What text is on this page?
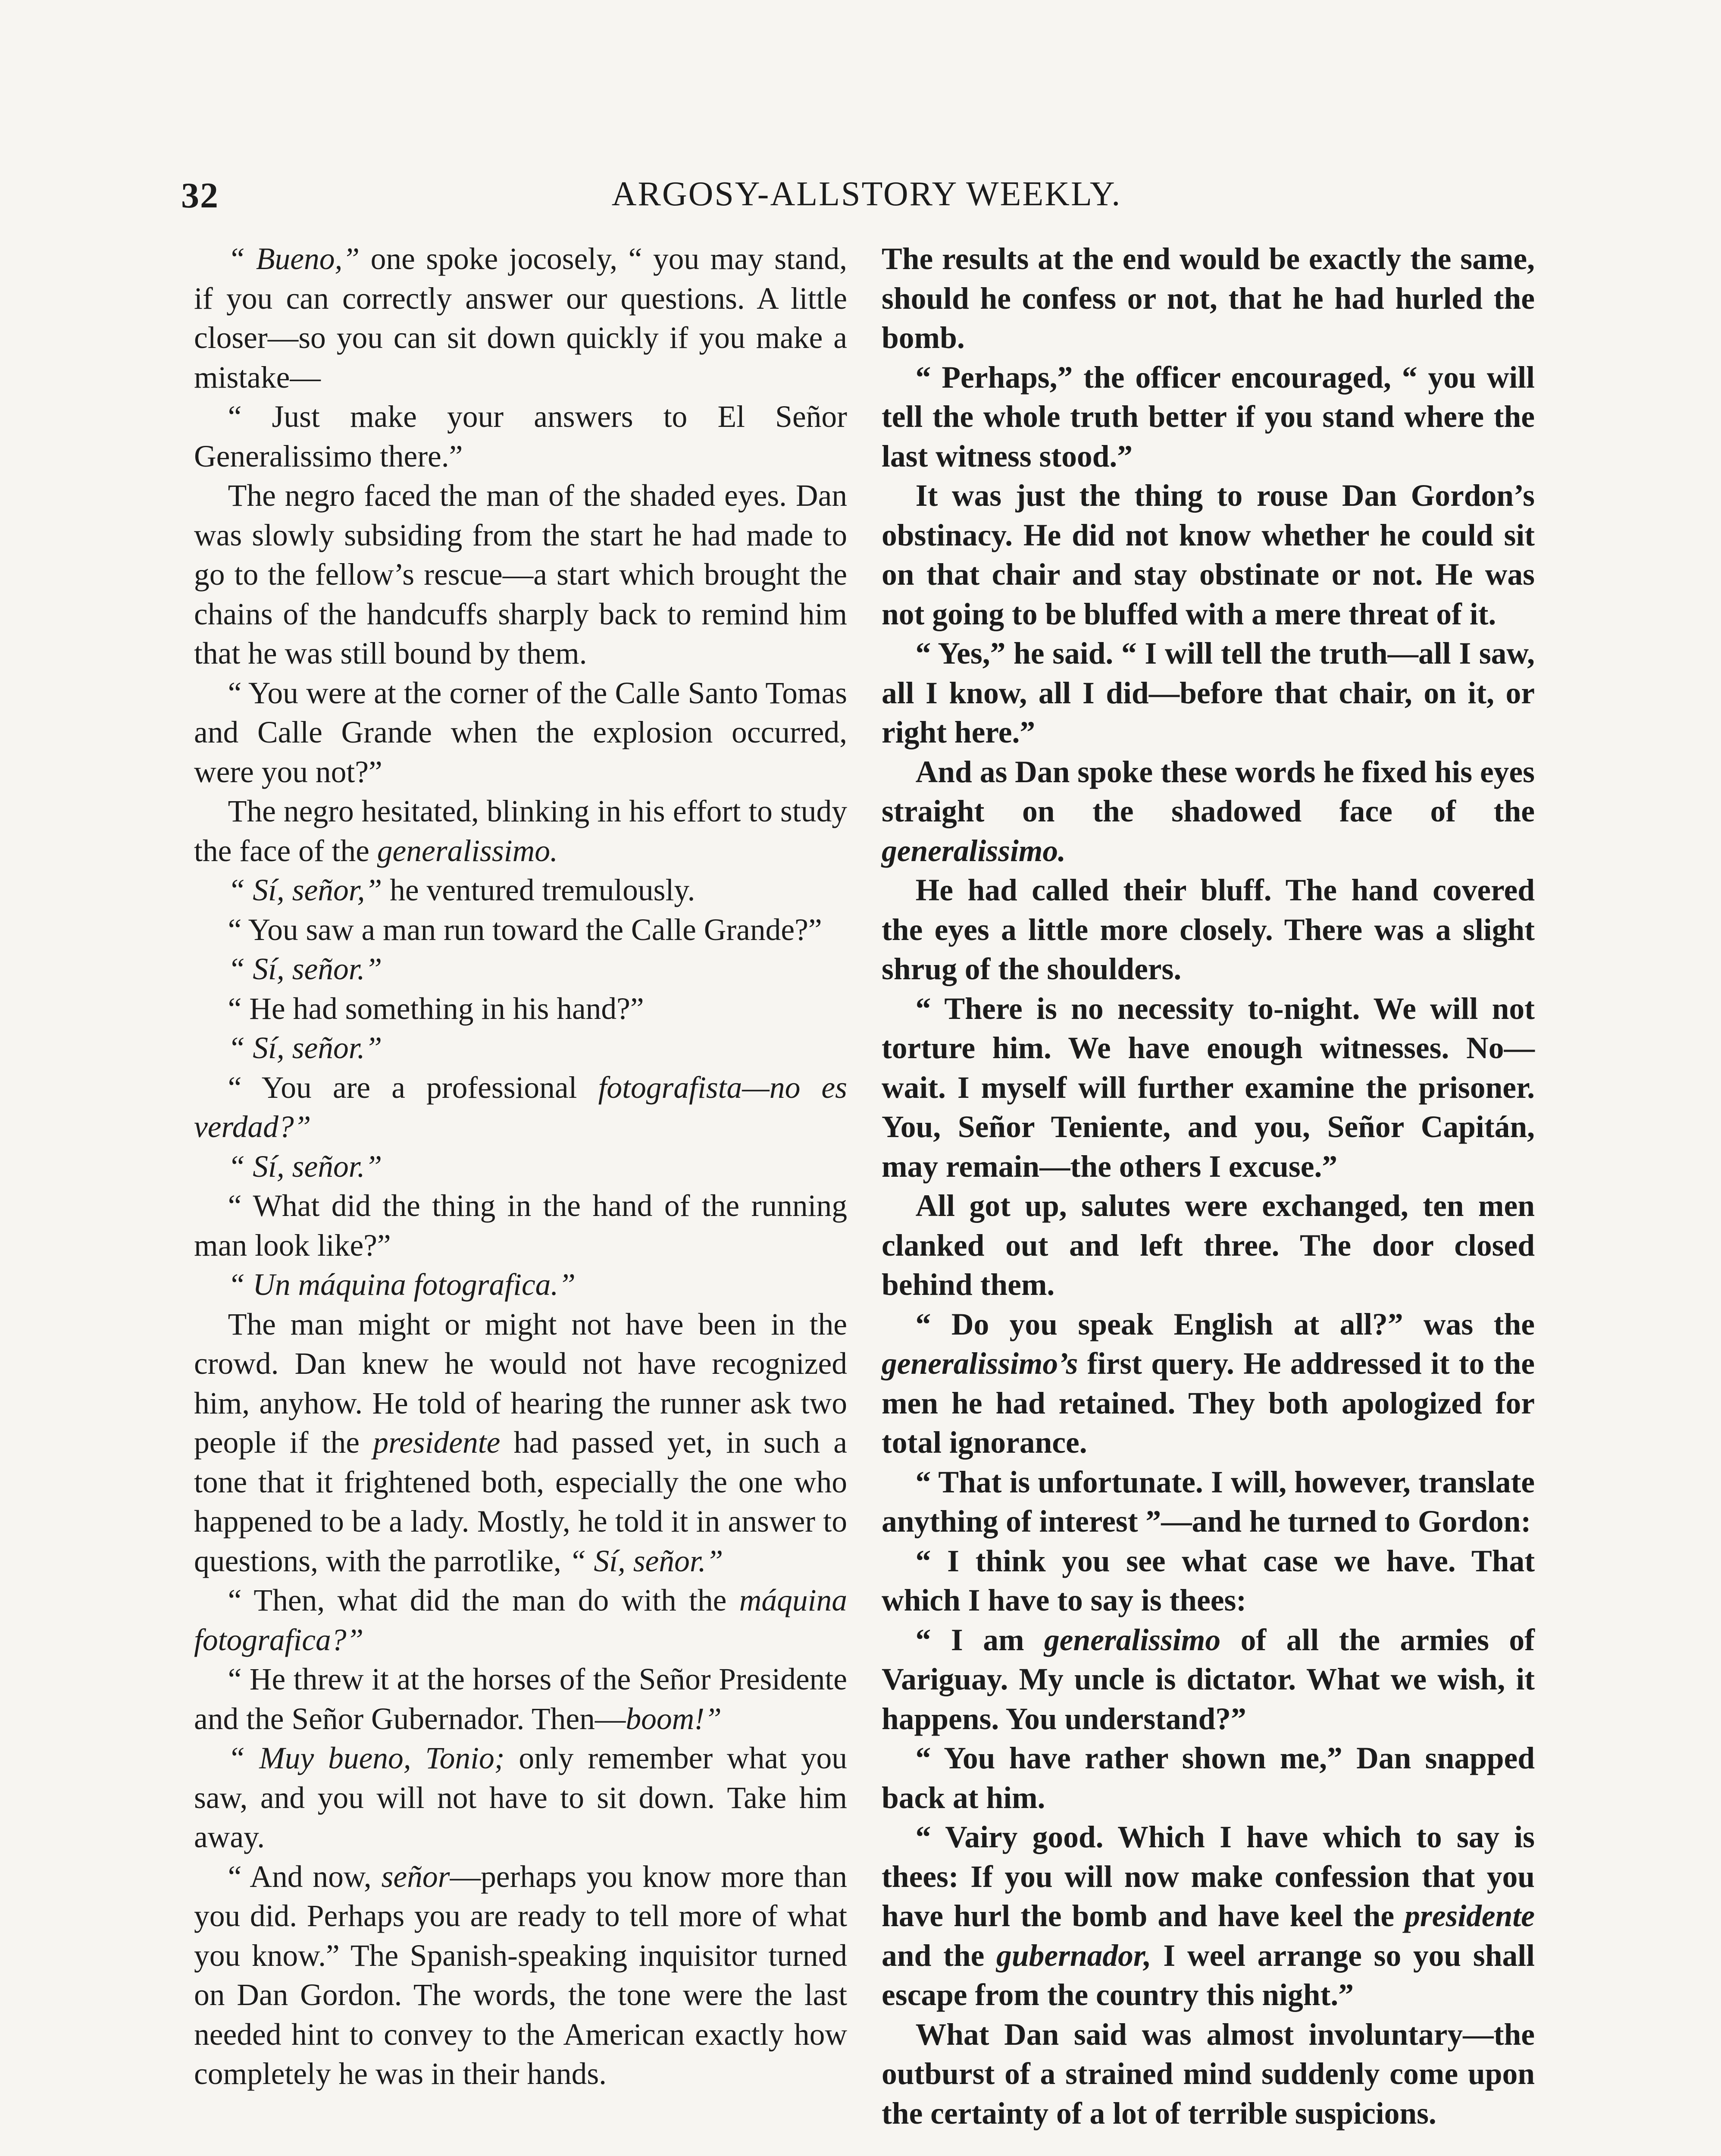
32	ARGOSY-ALLSTORY WEEKLY.

“ Bueno,” one spoke jocosely, “ you may stand, if you can correctly answer our questions. A little closer—so you can sit down quickly if you make a mistake—

“ Just make your answers to El Señor Generalissimo there.”

The negro faced the man of the shaded eyes. Dan was slowly subsiding from the start he had made to go to the fellow’s rescue—a start which brought the chains of the handcuffs sharply back to remind him that he was still bound by them.

“ You were at the corner of the Calle Santo Tomas and Calle Grande when the explosion occurred, were you not?”

The negro hesitated, blinking in his effort to study the face of the generalissimo.

“ Sí, señor,” he ventured tremulously.

“ You saw a man run toward the Calle Grande?”

“ Sí, señor.”

“ He had something in his hand?”

“ Sí, señor.”

“ You are a professional fotografista—no es verdad?”

“ Sí, señor.”

“ What did the thing in the hand of the running man look like?”

“ Un máquina fotografica.”

The man might or might not have been in the crowd. Dan knew he would not have recognized him, anyhow. He told of hearing the runner ask two people if the presidente had passed yet, in such a tone that it frightened both, especially the one who happened to be a lady. Mostly, he told it in answer to questions, with the parrotlike, “ Sí, señor.”

“ Then, what did the man do with the máquina fotografica?”

“ He threw it at the horses of the Señor Presidente and the Señor Gubernador. Then—boom!”

“ Muy bueno, Tonio; only remember what you saw, and you will not have to sit down. Take him away.

“ And now, señor—perhaps you know more than you did. Perhaps you are ready to tell more of what you know.” The Spanish-speaking inquisitor turned on Dan Gordon. The words, the tone were the last needed hint to convey to the American exactly how completely he was in their hands.

The results at the end would be exactly the same, should he confess or not, that he had hurled the bomb.

“ Perhaps,” the officer encouraged, “ you will tell the whole truth better if you stand where the last witness stood.”

It was just the thing to rouse Dan Gordon’s obstinacy. He did not know whether he could sit on that chair and stay obstinate or not. He was not going to be bluffed with a mere threat of it.

“ Yes,” he said. “ I will tell the truth—all I saw, all I know, all I did—before that chair, on it, or right here.”

And as Dan spoke these words he fixed his eyes straight on the shadowed face of the generalissimo.

He had called their bluff. The hand covered the eyes a little more closely. There was a slight shrug of the shoulders.

“ There is no necessity to-night. We will not torture him. We have enough witnesses. No—wait. I myself will further examine the prisoner. You, Señor Teniente, and you, Señor Capitán, may remain—the others I excuse.”

All got up, salutes were exchanged, ten men clanked out and left three. The door closed behind them.

“ Do you speak English at all?” was the generalissimo’s first query. He addressed it to the men he had retained. They both apologized for total ignorance.

“ That is unfortunate. I will, however, translate anything of interest ”—and he turned to Gordon:

“ I think you see what case we have. That which I have to say is thees:

“ I am generalissimo of all the armies of Variguay. My uncle is dictator. What we wish, it happens. You understand?”

“ You have rather shown me,” Dan snapped back at him.

“ Vairy good. Which I have which to say is thees: If you will now make confession that you have hurl the bomb and have keel the presidente and the gubernador, I weel arrange so you shall escape from the country this night.”

What Dan said was almost involuntary—the outburst of a strained mind suddenly come upon the certainty of a lot of terrible suspicions.
